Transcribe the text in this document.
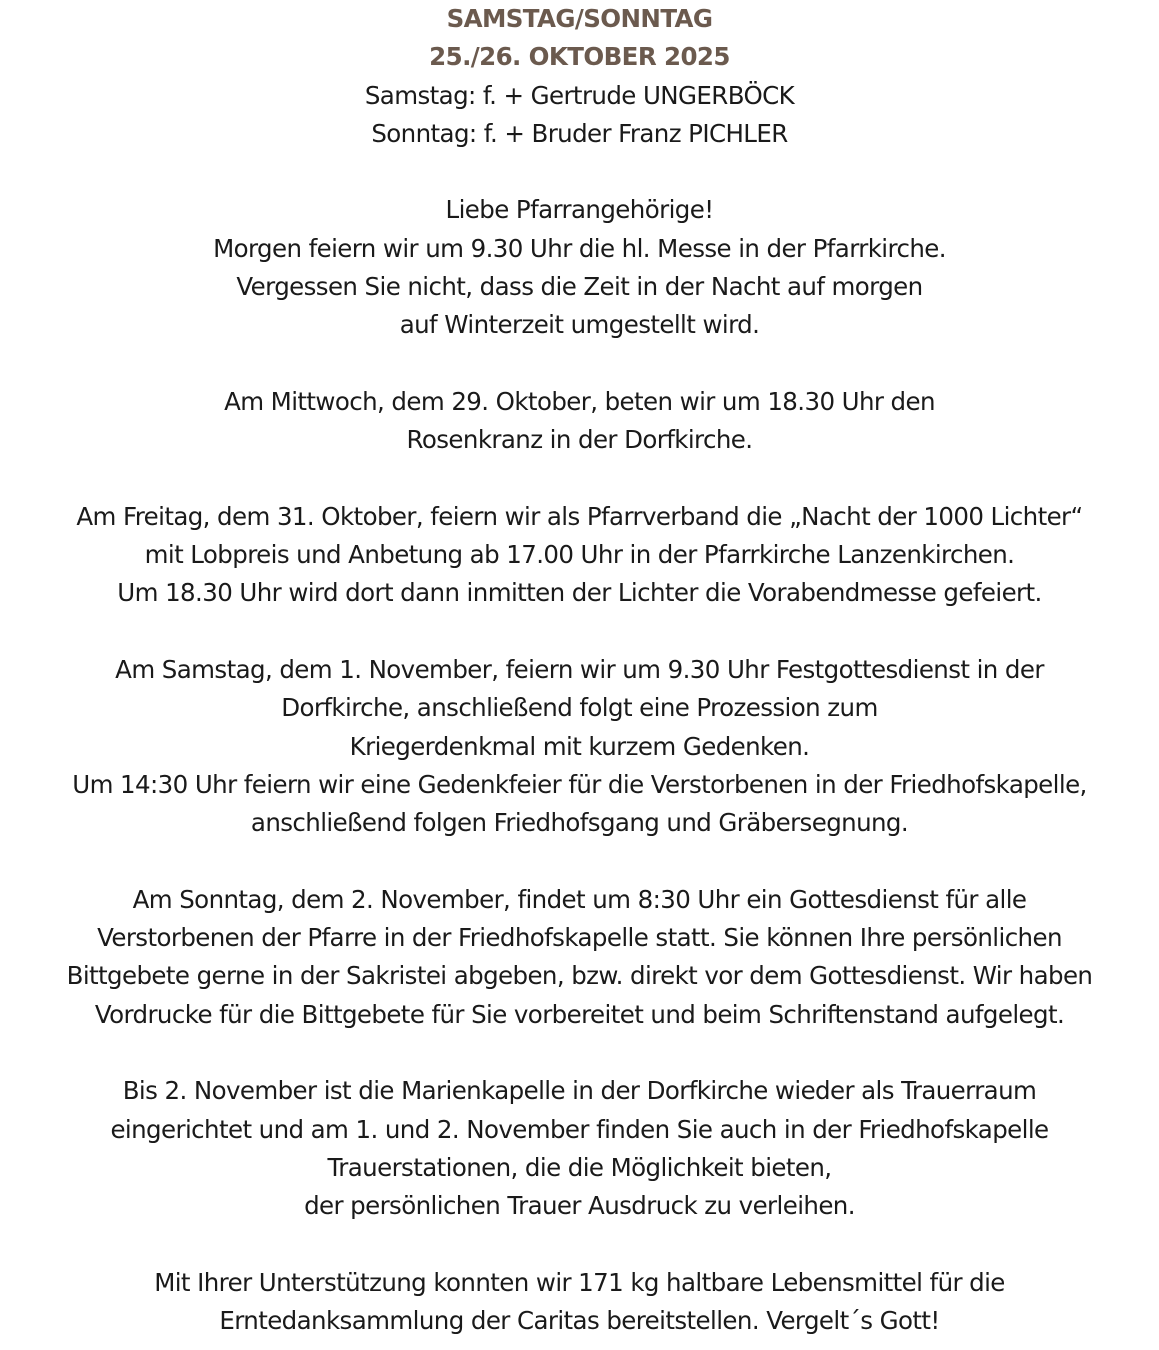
SAMSTAG/SONNTAG
25./26. OKTOBER 2025
Samstag: f. + Gertrude UNGERBÖCK
Sonntag: f. + Bruder Franz PICHLER
Liebe Pfarrangehörige!
Morgen feiern wir um 9.30 Uhr die hl. Messe in der Pfarrkirche.
Vergessen Sie nicht, dass die Zeit in der Nacht auf morgen
auf Winterzeit umgestellt wird.
Am Mittwoch, dem 29. Oktober, beten wir um 18.30 Uhr den
Rosenkranz in der Dorfkirche.
Am Freitag, dem 31. Oktober, feiern wir als Pfarrverband die „Nacht der 1000 Lichter“
mit Lobpreis und Anbetung ab 17.00 Uhr in der Pfarrkirche Lanzenkirchen.
Um 18.30 Uhr wird dort dann inmitten der Lichter die Vorabendmesse gefeiert.
Am Samstag, dem 1. November, feiern wir um 9.30 Uhr Festgottesdienst in der
Dorfkirche, anschließend folgt eine Prozession zum
Kriegerdenkmal mit kurzem Gedenken.
Um 14:30 Uhr feiern wir eine Gedenkfeier für die Verstorbenen in der Friedhofskapelle,
anschließend folgen Friedhofsgang und Gräbersegnung.
Am Sonntag, dem 2. November, findet um 8:30 Uhr ein Gottesdienst für alle
Verstorbenen der Pfarre in der Friedhofskapelle statt. Sie können Ihre persönlichen
Bittgebete gerne in der Sakristei abgeben, bzw. direkt vor dem Gottesdienst. Wir haben
Vordrucke für die Bittgebete für Sie vorbereitet und beim Schriftenstand aufgelegt.
Bis 2. November ist die Marienkapelle in der Dorfkirche wieder als Trauerraum
eingerichtet und am 1. und 2. November finden Sie auch in der Friedhofskapelle
Trauerstationen, die die Möglichkeit bieten,
der persönlichen Trauer Ausdruck zu verleihen.
Mit Ihrer Unterstützung konnten wir 171 kg haltbare Lebensmittel für die
Erntedanksammlung der Caritas bereitstellen. Vergelt´s Gott!
